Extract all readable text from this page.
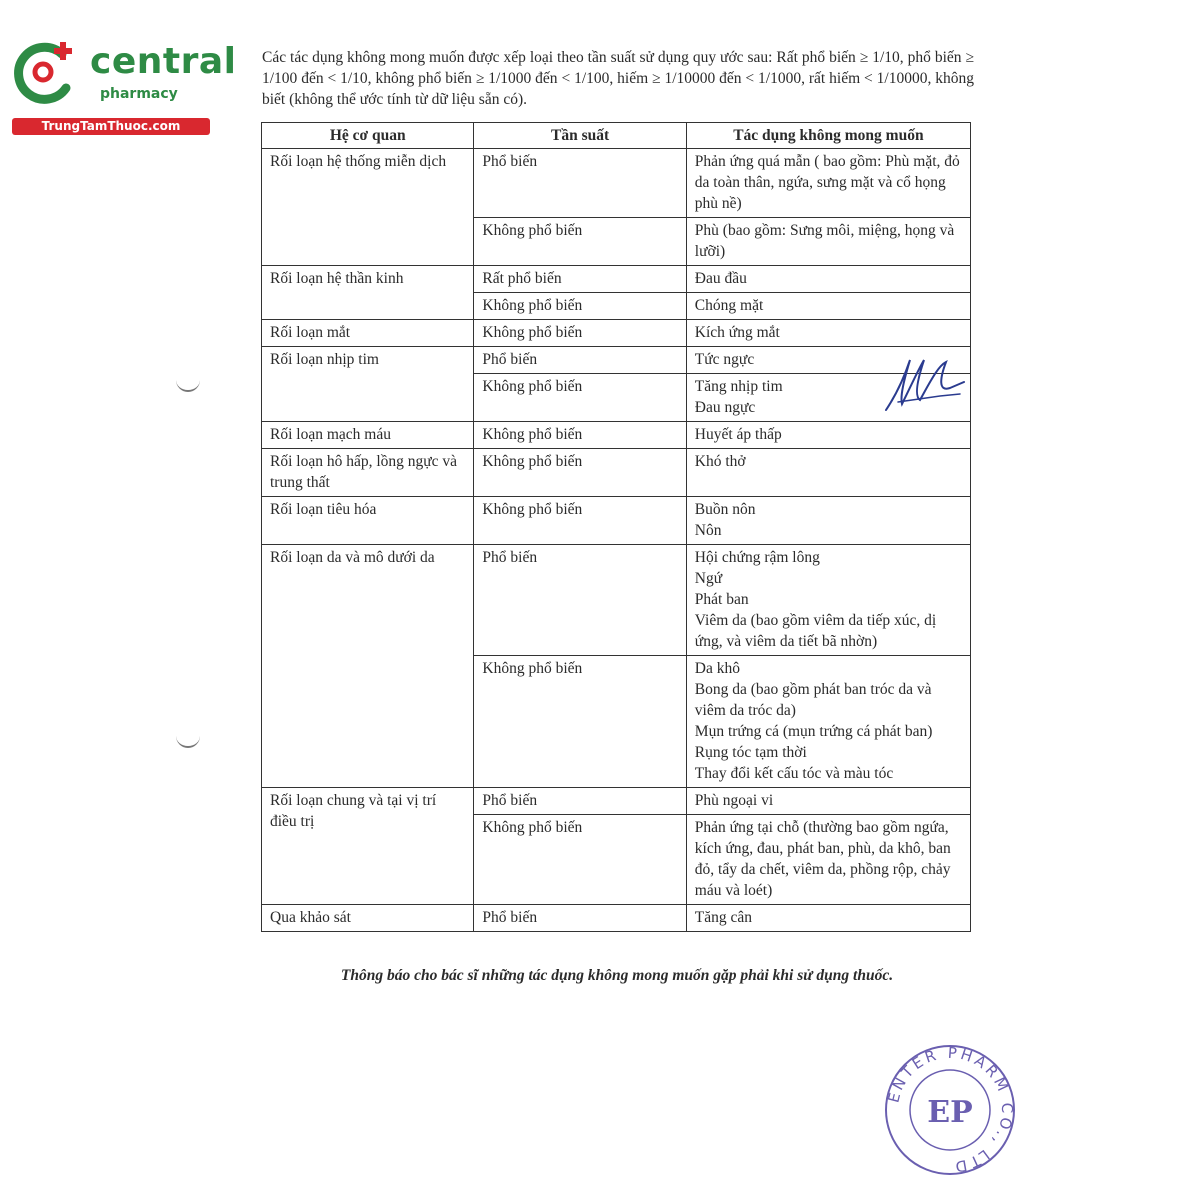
central
pharmacy
TrungTamThuoc.com

Các tác dụng không mong muốn được xếp loại theo tần suất sử dụng quy ước sau: Rất phổ biến ≥ 1/10, phổ biến ≥ 1/100 đến < 1/10, không phổ biến ≥ 1/1000 đến < 1/100, hiếm ≥ 1/10000 đến < 1/1000, rất hiếm < 1/10000, không biết (không thể ước tính từ dữ liệu sẵn có).

Hệ cơ quan	Tần suất	Tác dụng không mong muốn
Rối loạn hệ thống miễn dịch	Phổ biến	Phản ứng quá mẫn ( bao gồm: Phù mặt, đỏ da toàn thân, ngứa, sưng mặt và cổ họng phù nề)

	Không phổ biến	Phù (bao gồm: Sưng môi, miệng, họng và lưỡi)

Rối loạn hệ thần kinh	Rất phổ biến	Đau đầu

	Không phổ biến	Chóng mặt

Rối loạn mắt	Không phổ biến	Kích ứng mắt

Rối loạn nhịp tim	Phổ biến	Tức ngực

	Không phổ biến	Tăng nhịp tim
Đau ngực

Rối loạn mạch máu	Không phổ biến	Huyết áp thấp

Rối loạn hô hấp, lồng ngực và trung thất	Không phổ biến	Khó thở

Rối loạn tiêu hóa	Không phổ biến	Buồn nôn
Nôn

Rối loạn da và mô dưới da	Phổ biến	Hội chứng rậm lông
Ngứ
Phát ban
Viêm da (bao gồm viêm da tiếp xúc, dị ứng, và viêm da tiết bã nhờn)

	Không phổ biến	Da khô
Bong da (bao gồm phát ban tróc da và viêm da tróc da)
Mụn trứng cá (mụn trứng cá phát ban)
Rụng tóc tạm thời
Thay đổi kết cấu tóc và màu tóc

Rối loạn chung và tại vị trí điều trị	Phổ biến	Phù ngoại vi

	Không phổ biến	Phản ứng tại chỗ (thường bao gồm ngứa, kích ứng, đau, phát ban, phù, da khô, ban đỏ, tẩy da chết, viêm da, phồng rộp, chảy máu và loét)

Qua khảo sát	Phổ biến	Tăng cân
Thông báo cho bác sĩ những tác dụng không mong muốn gặp phải khi sử dụng thuốc.
ENTER PHARM CO., LTD
EP
